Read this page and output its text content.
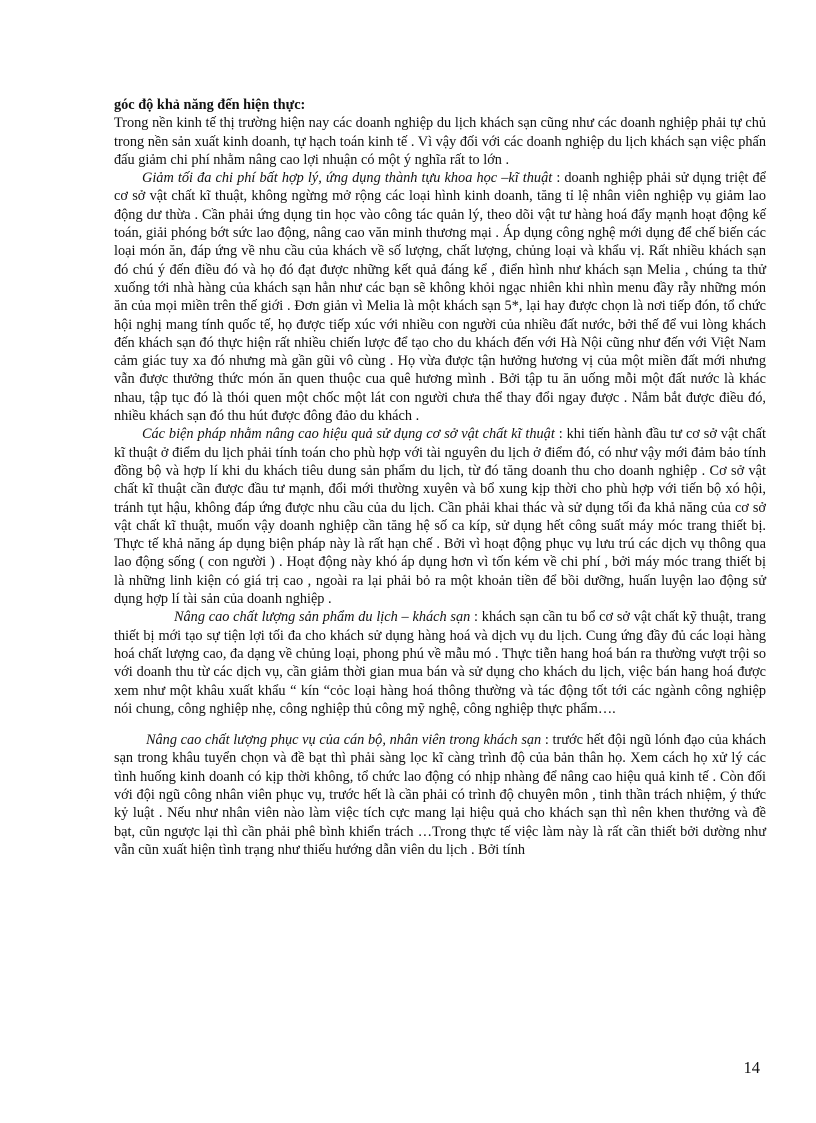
góc độ khả năng đến hiện thực:

Trong nền kinh tế thị trường hiện nay các doanh nghiệp du lịch khách sạn cũng như các doanh nghiệp phải tự chủ trong nền sản xuất kinh doanh, tự hạch toán kinh tế . Vì vậy đối với các doanh nghiệp du lịch khách sạn việc phấn đấu giảm chi phí nhằm nâng cao lợi nhuận có một ý nghĩa rất to lớn .

Giảm tối đa chi phí bất hợp lý, ứng dụng thành tựu khoa học –kĩ thuật : doanh nghiệp phải sử dụng triệt để cơ sở vật chất kĩ thuật, không ngừng mở rộng các loại hình kinh doanh, tăng tỉ lệ nhân viên nghiệp vụ giảm lao động dư thừa . Cần phải ứng dụng tin học vào công tác quản lý, theo dõi vật tư hàng hoá đẩy mạnh hoạt động kế toán, giải phóng bớt sức lao động, nâng cao văn minh thương mại . Áp dụng công nghệ mới dụng để chế biến các loại món ăn, đáp ứng về nhu cầu của khách về số lượng, chất lượng, chủng loại và khẩu vị. Rất nhiều khách sạn đó chú ý đến điều đó và họ đó đạt được những kết quả đáng kể , điển hình như khách sạn Melia , chúng ta thử xuống tới nhà hàng của khách sạn hẳn như các bạn sẽ không khỏi ngạc nhiên khi nhìn menu đầy rẫy những món ăn của mọi miền trên thế giới . Đơn giản vì Melia là một khách sạn 5*, lại hay được chọn là nơi tiếp đón, tổ chức hội nghị mang tính quốc tế, họ được tiếp xúc với nhiều con người của nhiều đất nước, bởi thế để vui lòng khách đến khách sạn đó thực hiện rất nhiều chiến lược để tạo cho du khách đến với Hà Nội cũng như đến với Việt Nam cảm giác tuy xa đó nhưng mà gần gũi vô cùng . Họ vừa được tận hưởng hương vị của một miền đất mới nhưng vẫn được thưởng thức món ăn quen thuộc cua quê hương mình . Bởi tập tu ăn uống mỗi một đất nước là khác nhau, tập tục đó là thói quen một chốc một lát con người chưa thể thay đổi ngay được . Nắm bắt được điều đó, nhiều khách sạn đó thu hút được đông đảo du khách .

Các biện pháp nhằm nâng cao hiệu quả sử dụng cơ sở vật chất kĩ thuật : khi tiến hành đầu tư cơ sở vật chất kĩ thuật ở điểm du lịch phải tính toán cho phù hợp với tài nguyên du lịch ở điểm đó, có như vậy mới đảm bảo tính đồng bộ và hợp lí khi du khách tiêu dung sản phẩm du lịch, từ đó tăng doanh thu cho doanh nghiệp . Cơ sở vật chất kĩ thuật cần được đầu tư mạnh, đổi mới thường xuyên và bổ xung kịp thời cho phù hợp với tiến bộ xó hội, tránh tụt hậu, không đáp ứng được nhu cầu của du lịch. Cần phải khai thác và sử dụng tối đa khả năng của cơ sở vật chất kĩ thuật, muốn vậy doanh nghiệp cần tăng hệ số ca kíp, sử dụng hết công suất máy móc trang thiết bị. Thực tế khả năng áp dụng biện pháp này là rất hạn chế . Bởi vì hoạt động phục vụ lưu trú các dịch vụ thông qua lao động sống ( con người ) . Hoạt động này khó áp dụng hơn vì tốn kém về chi phí , bởi máy móc trang thiết bị là những linh kiện có giá trị cao , ngoài ra lại phải bỏ ra một khoản tiền để bồi dưỡng, huấn luyện lao động sử dụng hợp lí tài sản của doanh nghiệp .

Nâng cao chất lượng sản phẩm du lịch – khách sạn : khách sạn cần tu bổ cơ sở vật chất kỹ thuật, trang thiết bị mới tạo sự tiện lợi tối đa cho khách sử dụng hàng hoá và dịch vụ du lịch. Cung ứng đầy đủ các loại hàng hoá chất lượng cao, đa dạng về chủng loại, phong phú về mẫu mó . Thực tiễn hang hoá bán ra thường vượt trội so với doanh thu từ các dịch vụ, cần giảm thời gian mua bán và sử dụng cho khách du lịch, việc bán hang hoá được xem như một khâu xuất khẩu “ kín “cỏc loại hàng hoá thông thường và tác động tốt tới các ngành công nghiệp nói chung, công nghiệp nhẹ, công nghiệp thủ công mỹ nghệ, công nghiệp thực phẩm….

Nâng cao chất lượng phục vụ của cán bộ, nhân viên trong khách sạn : trước hết đội ngũ lónh đạo của khách sạn trong khâu tuyển chọn và đề bạt thì phải sàng lọc kĩ càng trình độ của bản thân họ. Xem cách họ xử lý các tình huống kinh doanh có kịp thời không, tổ chức lao động có nhịp nhàng để nâng cao hiệu quả kinh tế . Còn đối với đội ngũ công nhân viên phục vụ, trước hết là cần phải có trình độ chuyên môn , tinh thần trách nhiệm, ý thức kỷ luật . Nếu như nhân viên nào làm việc tích cực mang lại hiệu quả cho khách sạn thì nên khen thưởng và đề bạt, cũn ngược lại thì cần phải phê bình khiển trách …Trong thực tế việc làm này là rất cần thiết bởi dường như vẫn cũn xuất hiện tình trạng như thiếu hướng dẫn viên du lịch . Bởi tính

14
